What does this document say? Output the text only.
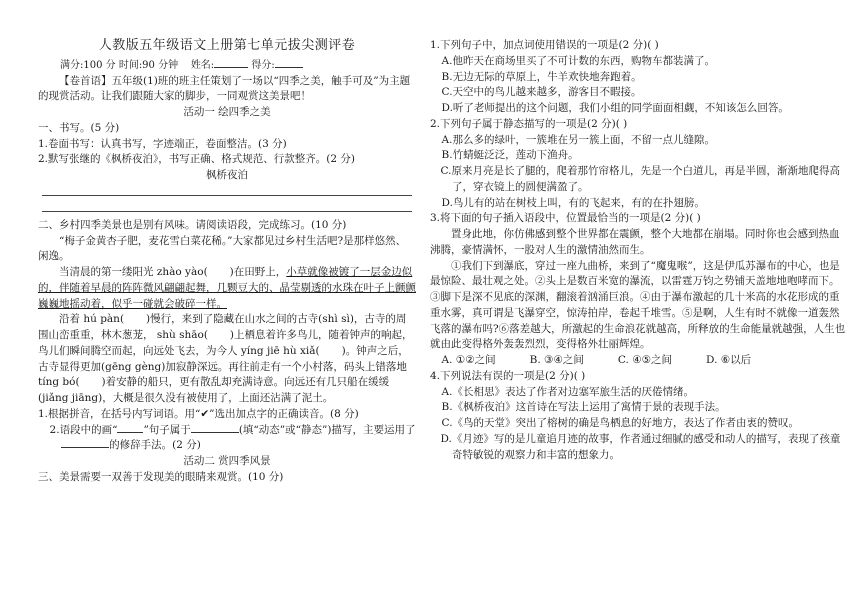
人教版五年级语文上册第七单元拔尖测评卷

满分:100 分 时间:90 分钟 姓名:	得分:

【卷首语】五年级(1)班的班主任策划了一场以“四季之美，触手可及”为主题的现赏活动。让我们跟随大家的脚步，一同观赏这美景吧！

活动一 绘四季之美

一、书写。(5 分)

1.卷面书写：认真书写，字迹端正，卷面整洁。(3 分)

2.默写张继的《枫桥夜泊》，书写正确、格式规范、行款整齐。(2 分)

枫桥夜泊

二、乡村四季美景也是别有风味。请阅读语段，完成练习。(10 分)

“梅子金黄杏子肥，麦花雪白菜花稀。”大家都见过乡村生活吧?是那样悠然、闲逸。

当清晨的第一缕阳光 zhào yào( )在田野上，小草就像被镀了一层金边似的，伴随着早晨的阵阵微风翩翩起舞，几颗豆大的、晶莹剔透的水珠在叶子上颤颤巍巍地摇动着，似乎一碰就会破碎一样。

沿着 hú pàn( )慢行，来到了隐藏在山水之间的古寺(shì sì)，古寺的周围山峦重重，林木葱茏， shù shāo( )上栖息着许多鸟儿，随着钟声的响起，鸟儿们瞬间腾空而起，向远处飞去，为今人 yíng jiē hù xiǎ( )。钟声之后，古寺显得更加(gēng gèng)加寂静深远。再往前走有一个小村落，码头上错落地 tíng bó( )着安静的船只，更有散乱却充满诗意。向远还有几只船在缓缓(jiǎng jiāng)，大概是很久没有被使用了，上面还沾满了泥土。

1.根据拼音，在括号内写词语。用“✔”选出加点字的正确读音。(8 分)

2.语段中的画“ ”句子属于	(填“动态”或“静态”)描写，主要运用了的修辞手法。(2 分)

活动二 赏四季风景

三、美景需要一双善于发现美的眼睛来观赏。(10 分)

1.下列句子中，加点词使用错误的一项是(2 分)( )

A.他昨天在商场里买了不可计数的东西，购物车都装满了。

B.无边无际的草原上，牛羊欢快地奔跑着。

C.天空中的鸟儿越来越多，游客目不暇接。

D.听了老师提出的这个问题，我们小组的同学面面相觑，不知该怎么回答。

2.下列句子属于静态描写的一项是(2 分)( )

A.那么多的绿叶，一簇堆在另一簇上面，不留一点儿缝隙。

B.竹蜻蜓泛泛，莲动下渔舟。

C.原来月亮是长了腿的，爬着那竹帘格儿，先是一个白道儿，再是半圆，渐渐地爬得高了，穿衣镜上的圆便满盈了。

D.鸟儿有的站在树枝上叫，有的飞起来，有的在扑翅膀。

3.将下面的句子插入语段中，位置最恰当的一项是(2 分)( )

置身此地，你仿佛感到整个世界都在震颤，整个大地都在崩塌。同时你也会感到热血沸腾，豪情满怀，一股对人生的激情油然而生。

①我们下到瀑底，穿过一座九曲桥，来到了“魔鬼喉”，这是伊瓜苏瀑布的中心，也是最惊险、最壮观之处。②头上是数百米宽的瀑流，以雷霆万钧之势铺天盖地地咆哮而下。③脚下是深不见底的深渊，翻滚着汹涌巨浪。④由于瀑布激起的几十米高的水花形成的重重水雾，真可谓是飞瀑穿空，惊涛拍岸，卷起千堆雪。⑤是啊，人生有时不就像一道轰然飞落的瀑布吗?⑥落差越大，所激起的生命浪花就越高，所释放的生命能量就越强，人生也就由此变得格外轰轰烈烈，变得格外壮丽辉煌。

A. ①②之间	B. ③④之间	C. ④⑤之间	D. ⑥以后

4.下列说法有误的一项是(2 分)( )

A.《长相思》表达了作者对边塞军旅生活的厌倦情绪。

B.《枫桥夜泊》这首诗在写法上运用了寓情于景的表现手法。

C.《鸟的天堂》突出了榕树的确是鸟栖息的好地方，表达了作者由衷的赞叹。

D.《月迹》写的是儿童追月迹的故事，作者通过细腻的感受和动人的描写，表现了孩童奇特敏锐的观察力和丰富的想象力。
